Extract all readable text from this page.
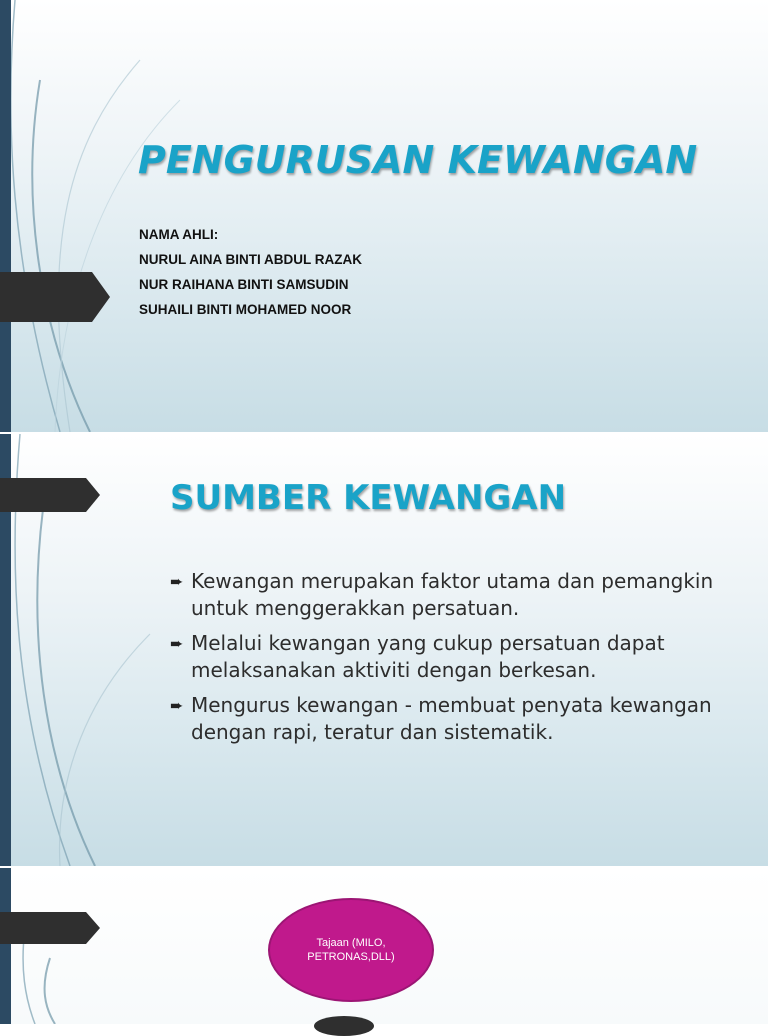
PENGURUSAN KEWANGAN
NAMA AHLI:
NURUL AINA BINTI ABDUL RAZAK
NUR RAIHANA BINTI SAMSUDIN
SUHAILI BINTI MOHAMED NOOR
SUMBER KEWANGAN
➨ Kewangan merupakan faktor utama dan pemangkin untuk menggerakkan persatuan.
➨ Melalui kewangan yang cukup persatuan dapat melaksanakan aktiviti dengan berkesan.
➨ Mengurus kewangan - membuat penyata kewangan dengan rapi, teratur dan sistematik.
Tajaan (MILO, PETRONAS,DLL)
